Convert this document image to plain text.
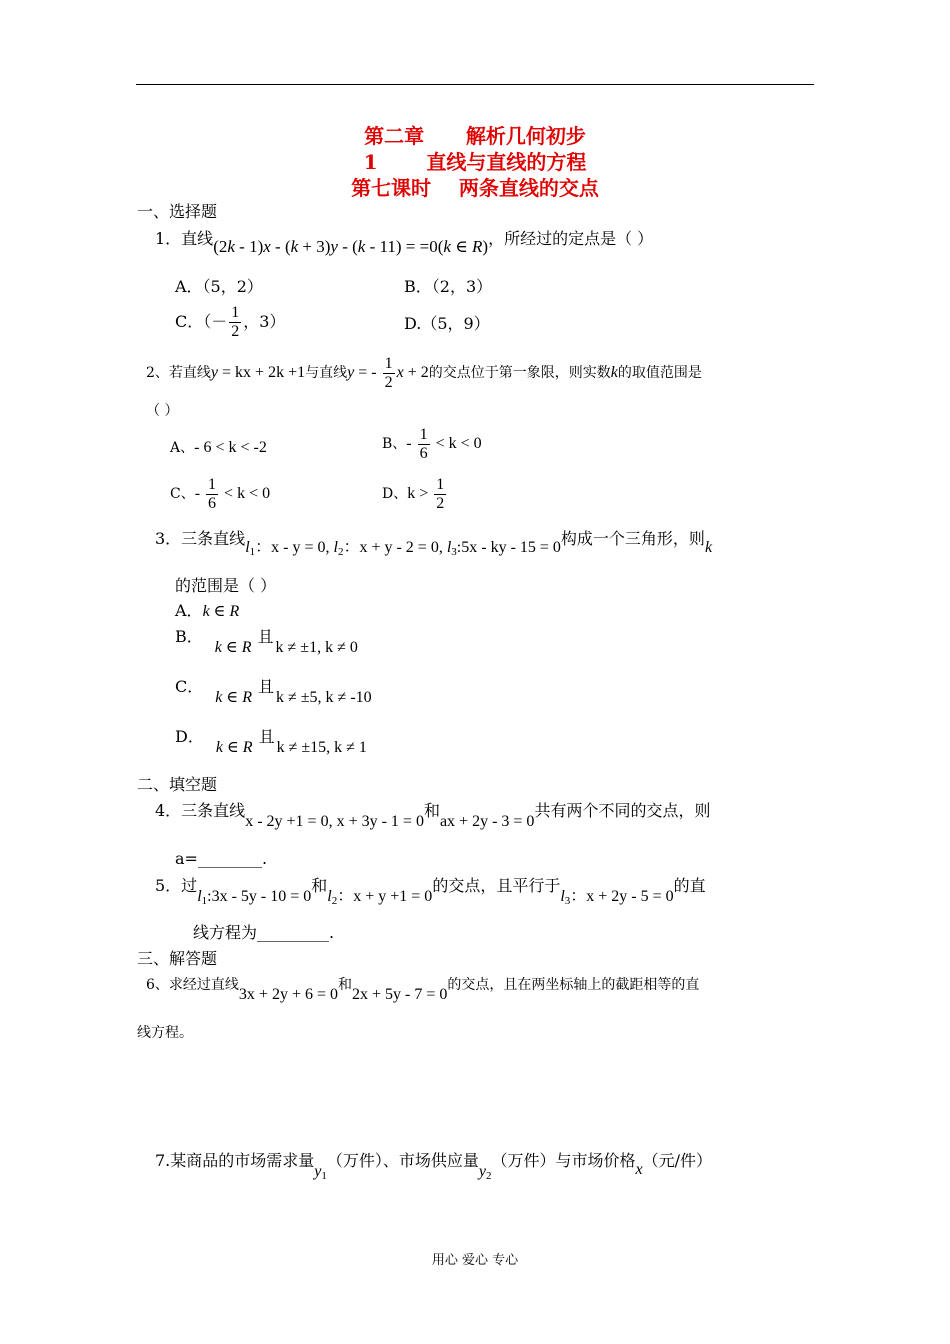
第二章      解析几何初步
1       直线与直线的方程
第七课时    两条直线的交点
一、选择题
1．直线(2k - 1)x - (k + 3)y - (k - 11) = =0(k ∈ R)，所经过的定点是（ ）
A．（5，2）	B．（2，3）
C．（－ $\frac{1}{2}$ ，3）	D.（5，9）
2、若直线y = kx + 2k +1与直线y = - $\frac{1}{2}$ x + 2的交点位于第一象限，则实数k的取值范围是
（ ）
A、- 6 < k < -2	B、- $\frac{1}{6} < k < 0$
C、- $\frac{1}{6} < k < 0$	D、$k > \frac{1}{2}$
3．三条直线$l_1$：x - y = 0, $l_2$：x + y - 2 = 0, $l_3:5x$ - ky - 15 = 0构成一个三角形，则k
的范围是（ ）
A．k ∈ R
B．k ∈ R且k ≠ ±1, k ≠ 0
C．k ∈ R且k ≠ ±5, k ≠ -10
D．k ∈ R且k ≠ ±15, k ≠ 1
二、填空题
4．三条直线x - 2y +1 = 0, x + 3y - 1 = 0和ax + 2y - 3 = 0共有两个不同的交点，则
a=________.
5．过$l_1:3x - 5y - 10 = 0$和$l_2$：x + y +1 = 0的交点，且平行于$l_3$：x + 2y - 5 = 0的直
线方程为_________.
三、解答题
6、求经过直线3x + 2y + 6 = 0和2x + 5y - 7 = 0的交点，且在两坐标轴上的截距相等的直
线方程。
7.某商品的市场需求量$y_1$（万件）、市场供应量$y_2$（万件）与市场价格x（元/件）
用心 爱心 专心
